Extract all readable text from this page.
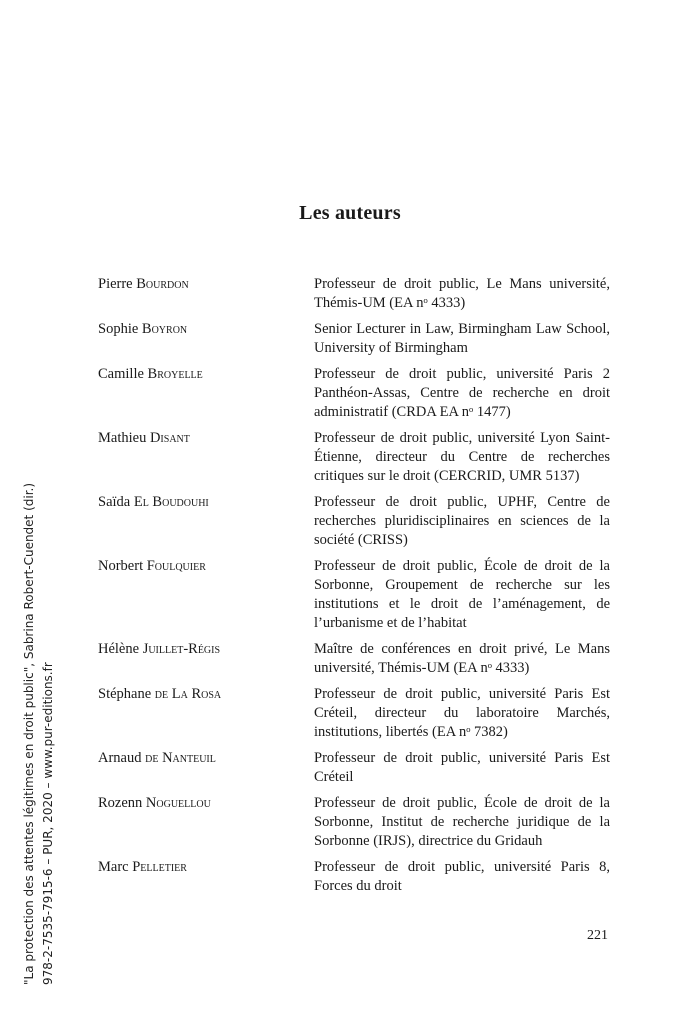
Les auteurs
Pierre Bourdon	Professeur de droit public, Le Mans université, Thémis-UM (EA nᵒ 4333)
Sophie Boyron	Senior Lecturer in Law, Birmingham Law School, University of Birmingham
Camille Broyelle	Professeur de droit public, université Paris 2 Panthéon-Assas, Centre de recherche en droit administratif (CRDA EA nᵒ 1477)
Mathieu Disant	Professeur de droit public, université Lyon Saint-Étienne, directeur du Centre de recherches critiques sur le droit (CERCRID, UMR 5137)
Saïda El Boudouhi	Professeur de droit public, UPHF, Centre de recherches pluridisciplinaires en sciences de la société (CRISS)
Norbert Foulquier	Professeur de droit public, École de droit de la Sorbonne, Groupement de recherche sur les institutions et le droit de l’aménagement, de l’urbanisme et de l’habitat
Hélène Juillet-Régis	Maître de conférences en droit privé, Le Mans université, Thémis-UM (EA nᵒ 4333)
Stéphane de La Rosa	Professeur de droit public, université Paris Est Créteil, directeur du laboratoire Marchés, institutions, libertés (EA nᵒ 7382)
Arnaud de Nanteuil	Professeur de droit public, université Paris Est Créteil
Rozenn Noguellou	Professeur de droit public, École de droit de la Sorbonne, Institut de recherche juridique de la Sorbonne (IRJS), directrice du Gridauh
Marc Pelletier	Professeur de droit public, université Paris 8, Forces du droit
221
"La protection des attentes légitimes en droit public", Sabrina Robert-Cuendet (dir.) 978-2-7535-7915-6 – PUR, 2020 – www.pur-editions.fr
